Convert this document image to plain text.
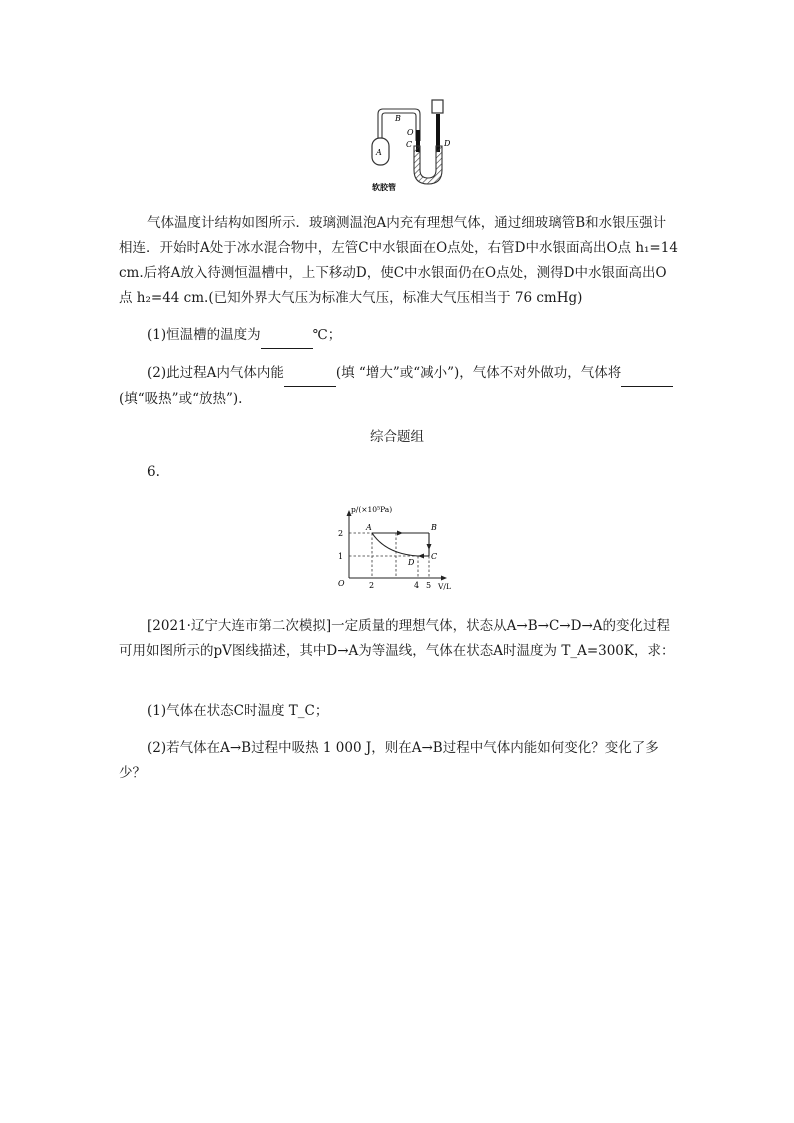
A
B
O
C	D
软胶管

气体温度计结构如图所示．玻璃测温泡A内充有理想气体，通过细玻璃管B和水银压强计相连．开始时A处于冰水混合物中，左管C中水银面在O点处，右管D中水银面高出O点 h₁=14 cm.后将A放入待测恒温槽中，上下移动D，使C中水银面仍在O点处，测得D中水银面高出O点 h₂=44 cm.(已知外界大气压为标准大气压，标准大气压相当于 76 cmHg)

(1)恒温槽的温度为	℃；

(2)此过程A内气体内能	(填 “增大”或“减小”)，气体不对外做功，气体将 (填“吸热”或“放热”).

综合题组
6.
p/(×10⁵Pa)
V/L
O
2
1
2	4 5
A	B
C
D

[2021·辽宁大连市第二次模拟]一定质量的理想气体，状态从A→B→C→D→A的变化过程可用如图所示的pV图线描述，其中D→A为等温线，气体在状态A时温度为 T_A=300K，求：

(1)气体在状态C时温度 T_C；

(2)若气体在A→B过程中吸热 1 000 J，则在A→B过程中气体内能如何变化？变化了多少？
